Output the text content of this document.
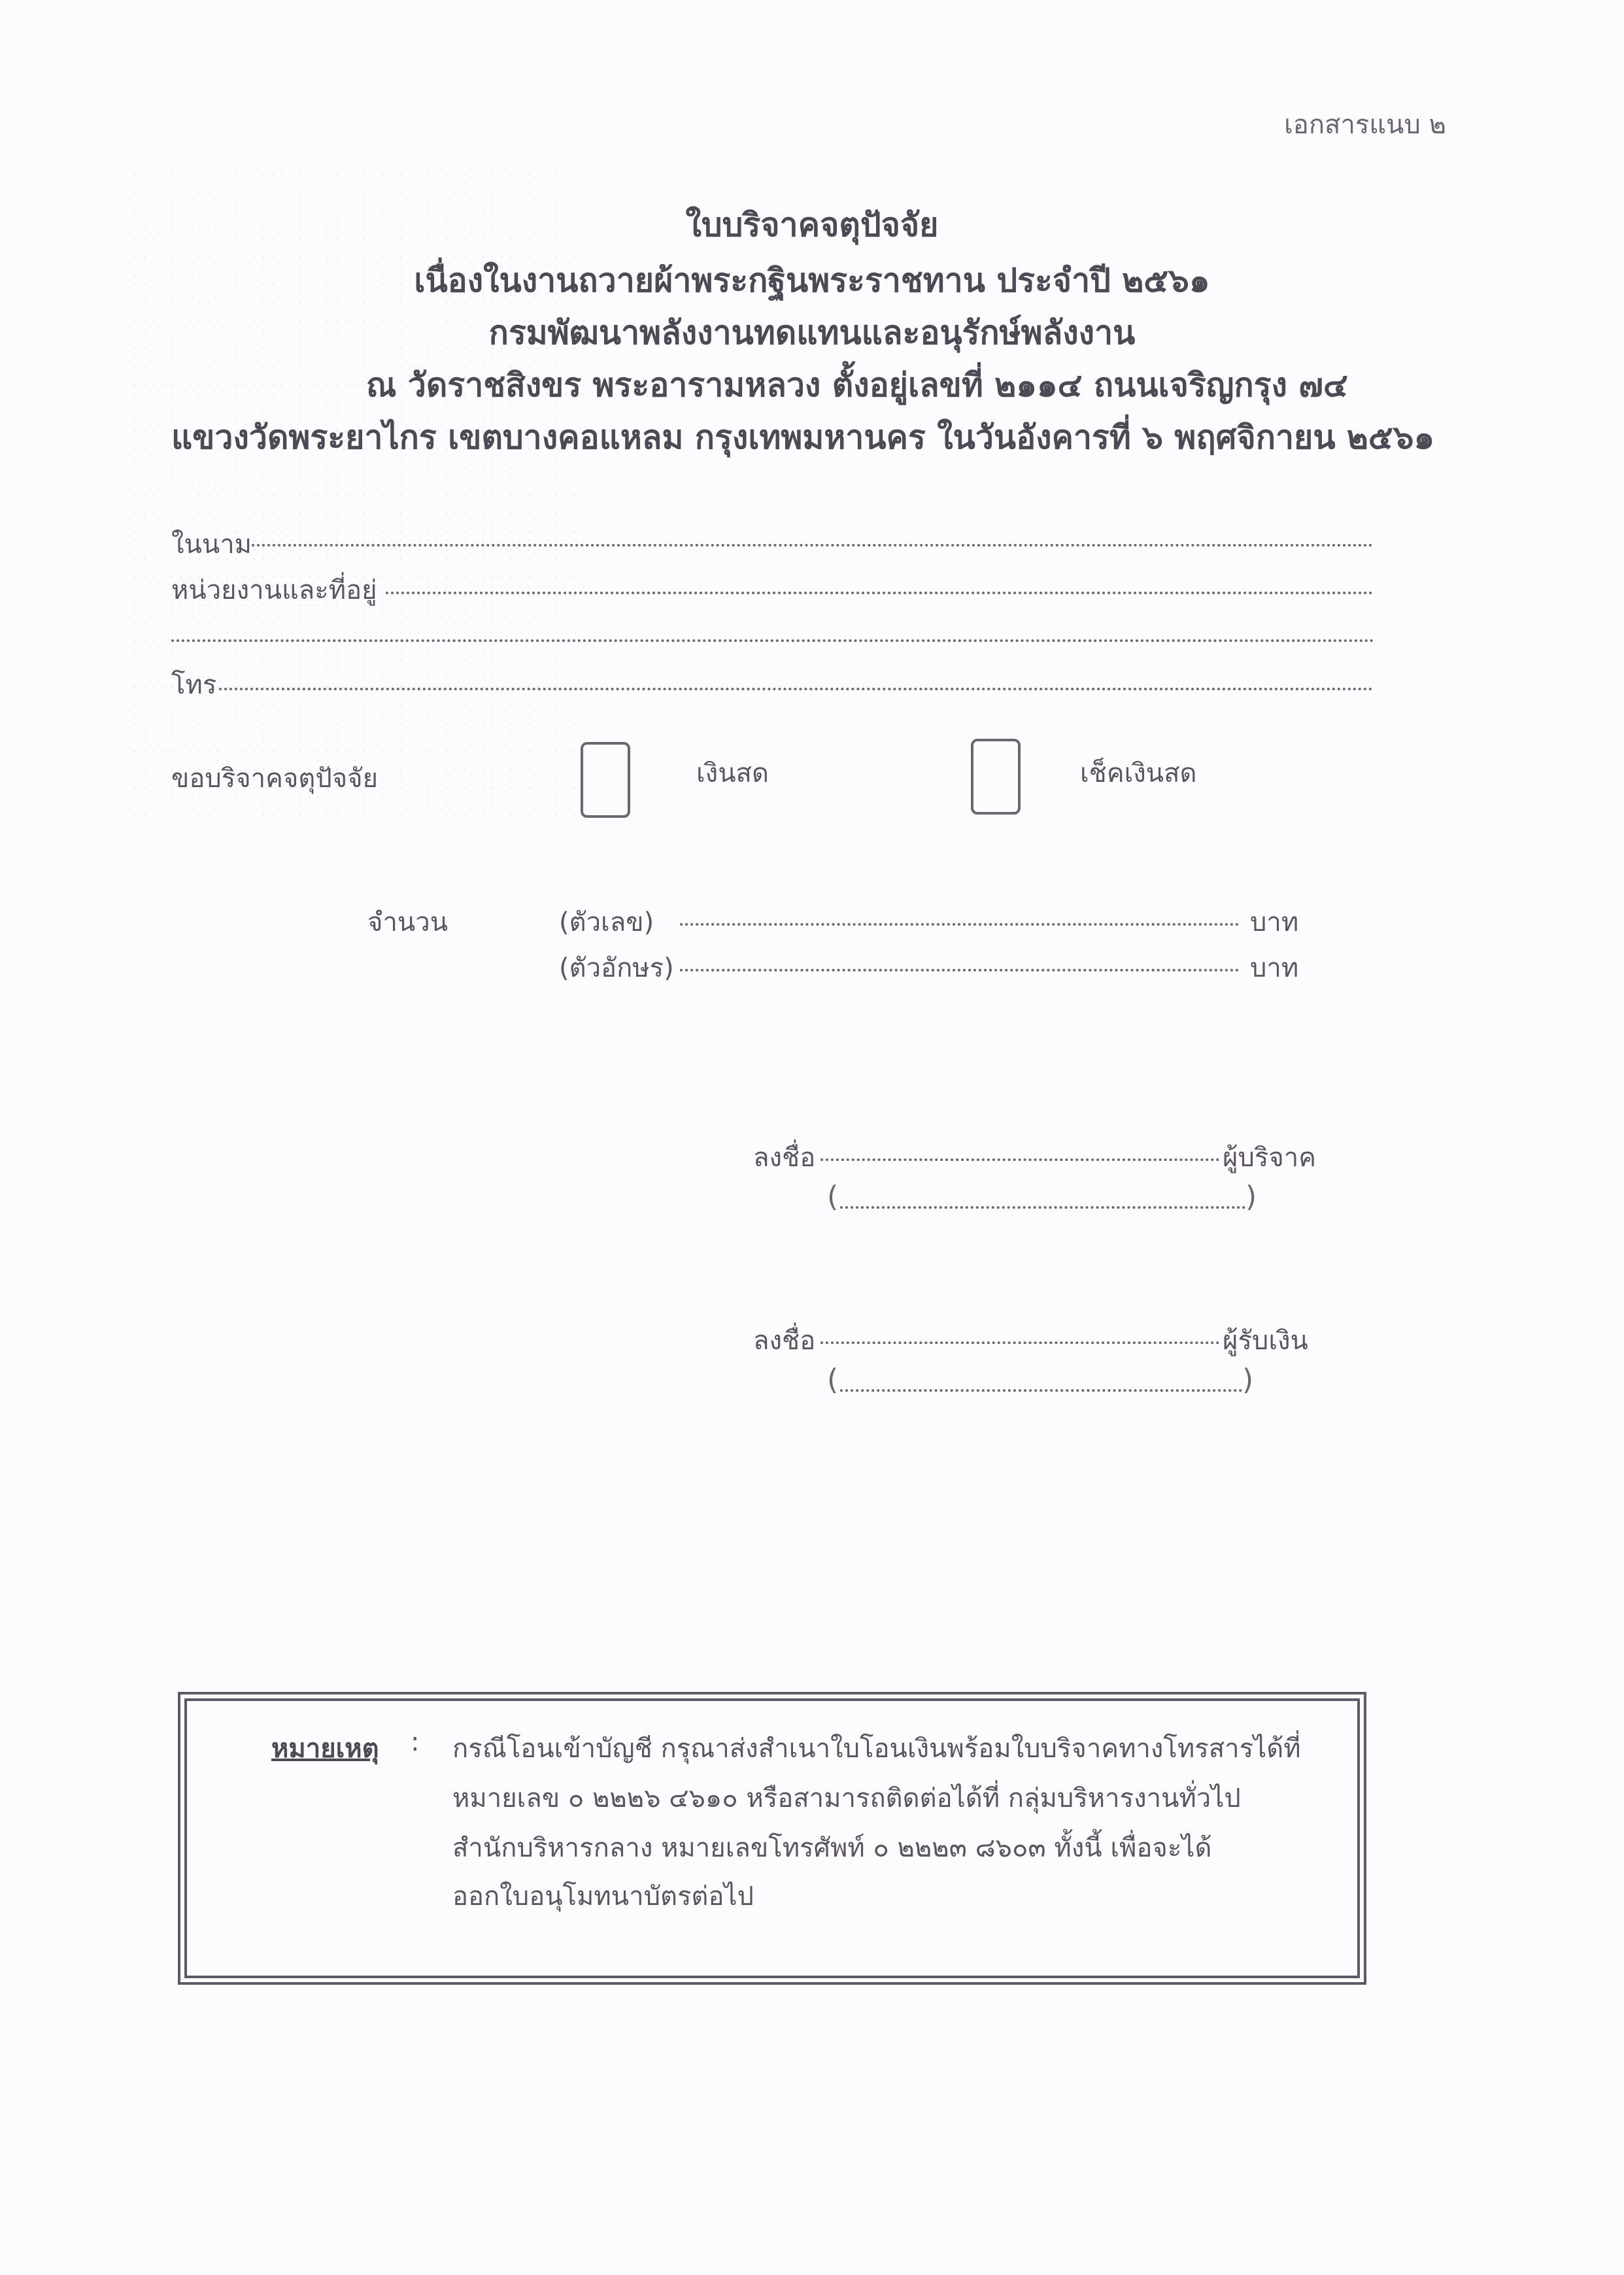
เอกสารแนบ ๒
ใบบริจาคจตุปัจจัย
เนื่องในงานถวายผ้าพระกฐินพระราชทาน ประจำปี ๒๕๖๑
กรมพัฒนาพลังงานทดแทนและอนุรักษ์พลังงาน
ณ วัดราชสิงขร พระอารามหลวง ตั้งอยู่เลขที่ ๒๑๑๔ ถนนเจริญกรุง ๗๔
แขวงวัดพระยาไกร เขตบางคอแหลม กรุงเทพมหานคร ในวันอังคารที่ ๖ พฤศจิกายน ๒๕๖๑
ในนาม
หน่วยงานและที่อยู่
โทร
ขอบริจาคจตุปัจจัย	เงินสด	เช็คเงินสด
จำนวน	(ตัวเลข)	บาท
(ตัวอักษร)	บาท
ลงชื่อ	ผู้บริจาค
(	)
ลงชื่อ	ผู้รับเงิน
(	)
หมายเหตุ : กรณีโอนเข้าบัญชี กรุณาส่งสำเนาใบโอนเงินพร้อมใบบริจาคทางโทรสารได้ที่
หมายเลข ๐ ๒๒๒๖ ๔๖๑๐ หรือสามารถติดต่อได้ที่ กลุ่มบริหารงานทั่วไป
สำนักบริหารกลาง หมายเลขโทรศัพท์ ๐ ๒๒๒๓ ๘๖๐๓ ทั้งนี้ เพื่อจะได้
ออกใบอนุโมทนาบัตรต่อไป
